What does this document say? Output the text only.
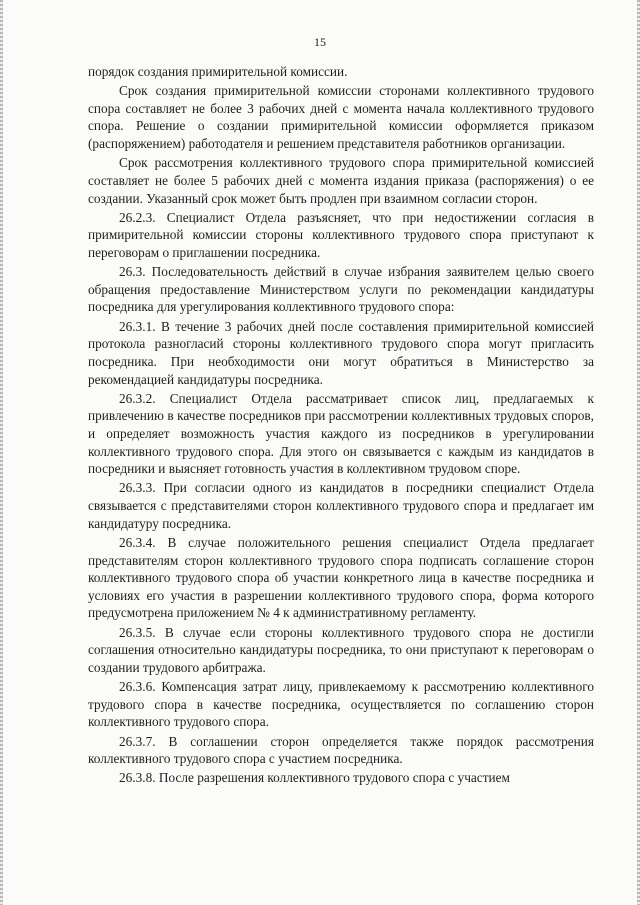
15

порядок создания примирительной комиссии.

Срок создания примирительной комиссии сторонами коллективного трудового спора составляет не более 3 рабочих дней с момента начала коллективного трудового спора. Решение о создании примирительной комиссии оформляется приказом (распоряжением) работодателя и решением представителя работников организации.

Срок рассмотрения коллективного трудового спора примирительной комиссией составляет не более 5 рабочих дней с момента издания приказа (распоряжения) о ее создании. Указанный срок может быть продлен при взаимном согласии сторон.

26.2.3. Специалист Отдела разъясняет, что при недостижении согласия в примирительной комиссии стороны коллективного трудового спора приступают к переговорам о приглашении посредника.

26.3. Последовательность действий в случае избрания заявителем целью своего обращения предоставление Министерством услуги по рекомендации кандидатуры посредника для урегулирования коллективного трудового спора:

26.3.1. В течение 3 рабочих дней после составления примирительной комиссией протокола разногласий стороны коллективного трудового спора могут пригласить посредника. При необходимости они могут обратиться в Министерство за рекомендацией кандидатуры посредника.

26.3.2. Специалист Отдела рассматривает список лиц, предлагаемых к привлечению в качестве посредников при рассмотрении коллективных трудовых споров, и определяет возможность участия каждого из посредников в урегулировании коллективного трудового спора. Для этого он связывается с каждым из кандидатов в посредники и выясняет готовность участия в коллективном трудовом споре.

26.3.3. При согласии одного из кандидатов в посредники специалист Отдела связывается с представителями сторон коллективного трудового спора и предлагает им кандидатуру посредника.

26.3.4. В случае положительного решения специалист Отдела предлагает представителям сторон коллективного трудового спора подписать соглашение сторон коллективного трудового спора об участии конкретного лица в качестве посредника и условиях его участия в разрешении коллективного трудового спора, форма которого предусмотрена приложением № 4 к административному регламенту.

26.3.5. В случае если стороны коллективного трудового спора не достигли соглашения относительно кандидатуры посредника, то они приступают к переговорам о создании трудового арбитража.

26.3.6. Компенсация затрат лицу, привлекаемому к рассмотрению коллективного трудового спора в качестве посредника, осуществляется по соглашению сторон коллективного трудового спора.

26.3.7. В соглашении сторон определяется также порядок рассмотрения коллективного трудового спора с участием посредника.

26.3.8. После разрешения коллективного трудового спора с участием
